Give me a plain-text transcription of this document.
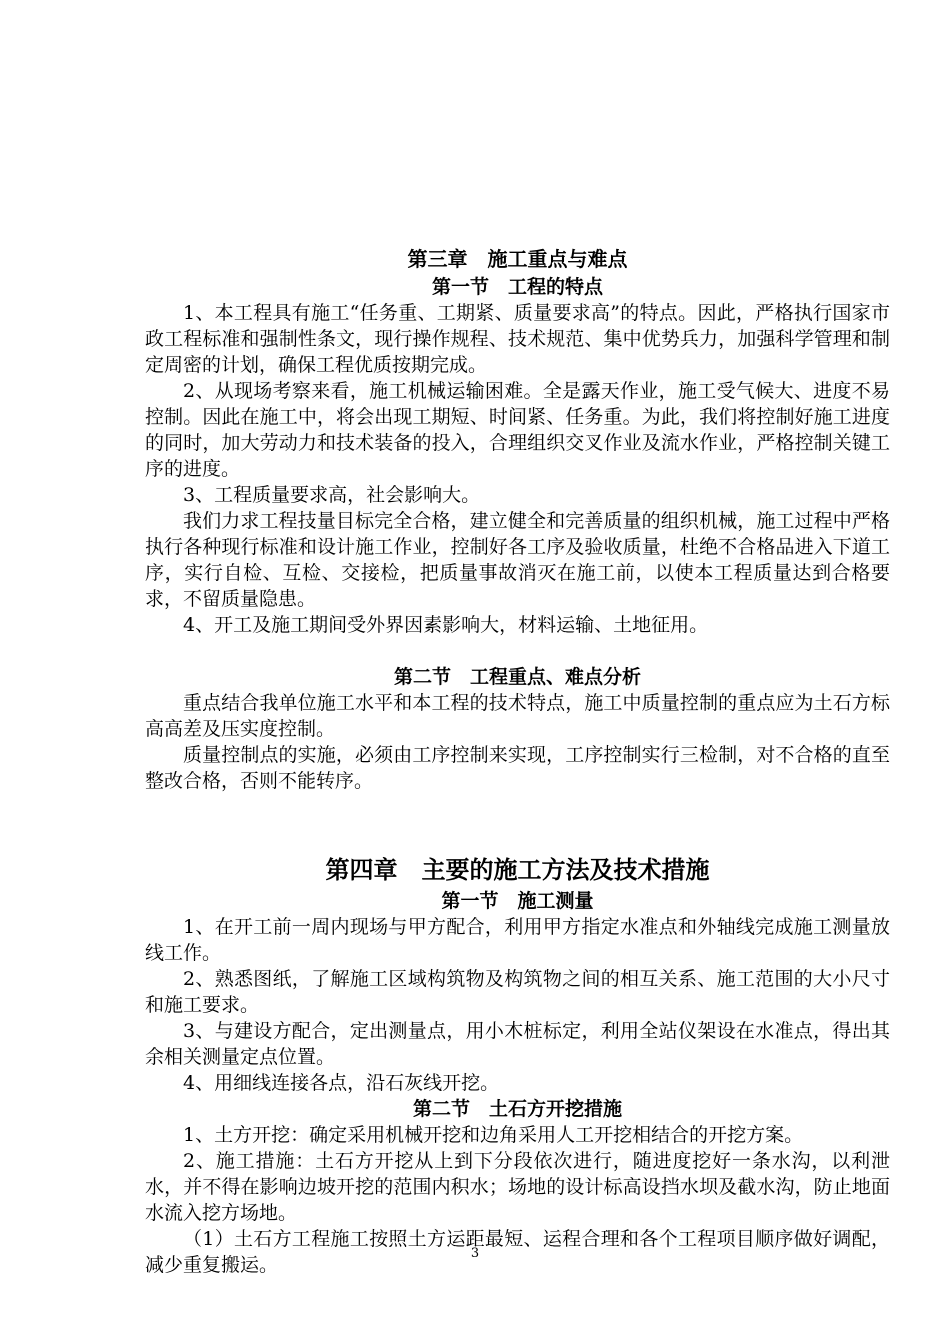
第三章　施工重点与难点
第一节　工程的特点

1、本工程具有施工“任务重、工期紧、质量要求高”的特点。因此，严格执行国家市政工程标准和强制性条文，现行操作规程、技术规范、集中优势兵力，加强科学管理和制定周密的计划，确保工程优质按期完成。

2、从现场考察来看，施工机械运输困难。全是露天作业，施工受气候大、进度不易控制。因此在施工中，将会出现工期短、时间紧、任务重。为此，我们将控制好施工进度的同时，加大劳动力和技术装备的投入，合理组织交叉作业及流水作业，严格控制关键工序的进度。

3、工程质量要求高，社会影响大。

我们力求工程技量目标完全合格，建立健全和完善质量的组织机械，施工过程中严格执行各种现行标准和设计施工作业，控制好各工序及验收质量，杜绝不合格品进入下道工序，实行自检、互检、交接检，把质量事故消灭在施工前，以使本工程质量达到合格要求，不留质量隐患。

4、开工及施工期间受外界因素影响大，材料运输、土地征用。

第二节　工程重点、难点分析

重点结合我单位施工水平和本工程的技术特点，施工中质量控制的重点应为土石方标高高差及压实度控制。

质量控制点的实施，必须由工序控制来实现，工序控制实行三检制，对不合格的直至整改合格，否则不能转序。

第四章　主要的施工方法及技术措施
第一节　施工测量

1、在开工前一周内现场与甲方配合，利用甲方指定水准点和外轴线完成施工测量放线工作。

2、熟悉图纸，了解施工区域构筑物及构筑物之间的相互关系、施工范围的大小尺寸和施工要求。

3、与建设方配合，定出测量点，用小木桩标定，利用全站仪架设在水准点，得出其余相关测量定点位置。

4、用细线连接各点，沿石灰线开挖。

第二节　土石方开挖措施

1、土方开挖：确定采用机械开挖和边角采用人工开挖相结合的开挖方案。

2、施工措施：土石方开挖从上到下分段依次进行，随进度挖好一条水沟，以利泄水，并不得在影响边坡开挖的范围内积水；场地的设计标高设挡水坝及截水沟，防止地面水流入挖方场地。

（1）土石方工程施工按照土方运距最短、运程合理和各个工程项目顺序做好调配，减少重复搬运。

3
